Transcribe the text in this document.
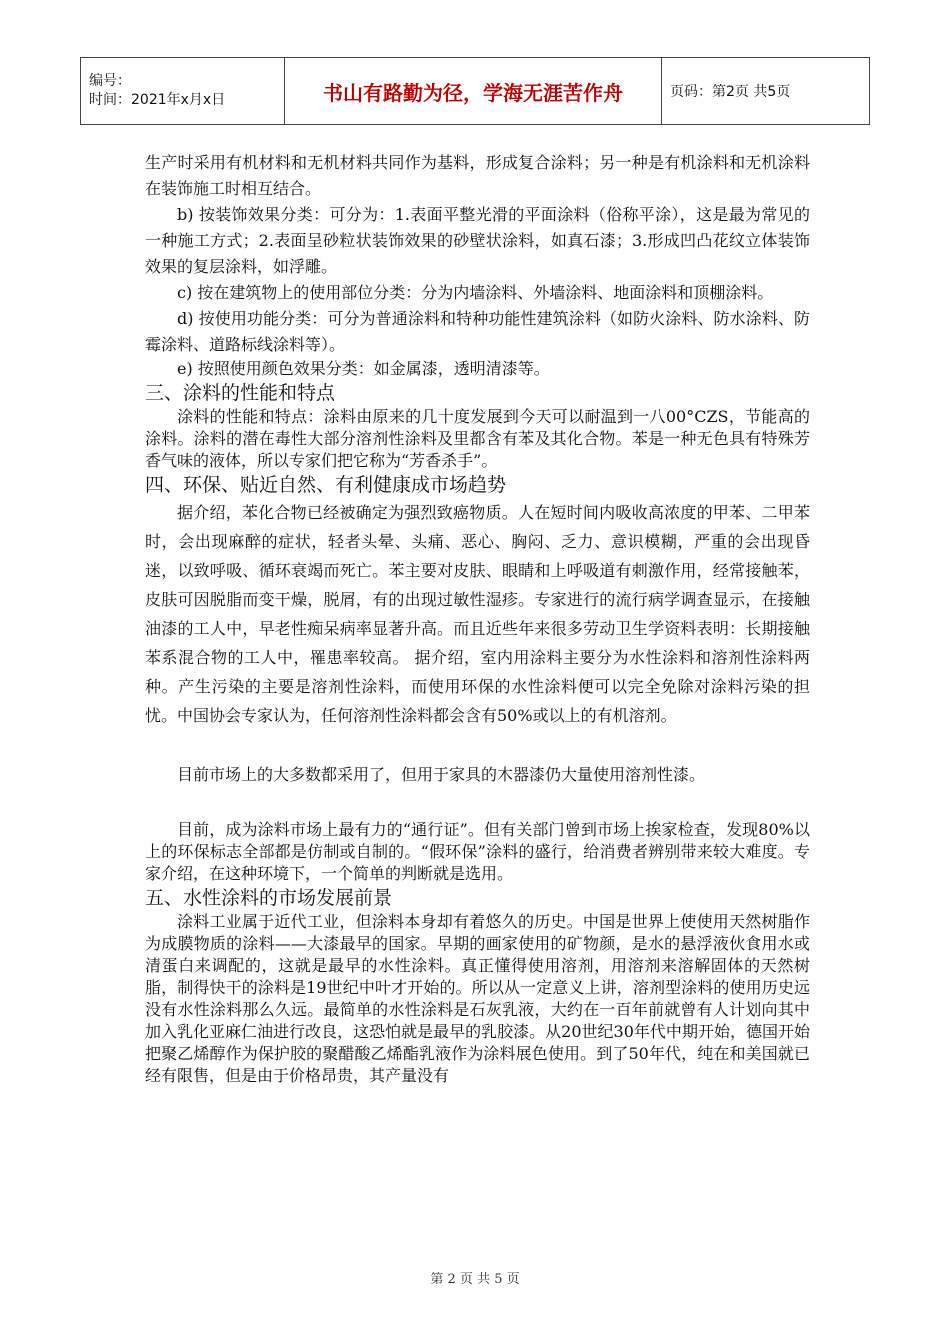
编号：
时间：2021年x月x日	书山有路勤为径，学海无涯苦作舟	页码：第2页 共5页

生产时采用有机材料和无机材料共同作为基料，形成复合涂料；另一种是有机涂料和无机涂料在装饰施工时相互结合。

b) 按装饰效果分类：可分为：1.表面平整光滑的平面涂料（俗称平涂），这是最为常见的一种施工方式；2.表面呈砂粒状装饰效果的砂壁状涂料，如真石漆；3.形成凹凸花纹立体装饰效果的复层涂料，如浮雕。

c) 按在建筑物上的使用部位分类：分为内墙涂料、外墙涂料、地面涂料和顶棚涂料。

d) 按使用功能分类：可分为普通涂料和特种功能性建筑涂料（如防火涂料、防水涂料、防霉涂料、道路标线涂料等）。

e) 按照使用颜色效果分类：如金属漆，透明清漆等。

三、涂料的性能和特点

涂料的性能和特点：涂料由原来的几十度发展到今天可以耐温到一八00°CZS，节能高的涂料。涂料的潜在毒性大部分溶剂性涂料及里都含有苯及其化合物。苯是一种无色具有特殊芳香气味的液体，所以专家们把它称为“芳香杀手”。

四、环保、贴近自然、有利健康成市场趋势

据介绍，苯化合物已经被确定为强烈致癌物质。人在短时间内吸收高浓度的甲苯、二甲苯时，会出现麻醉的症状，轻者头晕、头痛、恶心、胸闷、乏力、意识模糊，严重的会出现昏迷，以致呼吸、循环衰竭而死亡。苯主要对皮肤、眼睛和上呼吸道有刺激作用，经常接触苯，皮肤可因脱脂而变干燥，脱屑，有的出现过敏性湿疹。专家进行的流行病学调查显示，在接触油漆的工人中，早老性痴呆病率显著升高。而且近些年来很多劳动卫生学资料表明：长期接触苯系混合物的工人中，罹患率较高。 据介绍，室内用涂料主要分为水性涂料和溶剂性涂料两种。产生污染的主要是溶剂性涂料，而使用环保的水性涂料便可以完全免除对涂料污染的担忧。中国协会专家认为，任何溶剂性涂料都会含有50%或以上的有机溶剂。

目前市场上的大多数都采用了，但用于家具的木器漆仍大量使用溶剂性漆。

目前，成为涂料市场上最有力的“通行证”。但有关部门曾到市场上挨家检查，发现80%以上的环保标志全部都是仿制或自制的。“假环保”涂料的盛行，给消费者辨别带来较大难度。专家介绍，在这种环境下，一个简单的判断就是选用。

五、水性涂料的市场发展前景

涂料工业属于近代工业，但涂料本身却有着悠久的历史。中国是世界上使使用天然树脂作为成膜物质的涂料——大漆最早的国家。早期的画家使用的矿物颜，是水的悬浮液伙食用水或清蛋白来调配的，这就是最早的水性涂料。真正懂得使用溶剂，用溶剂来溶解固体的天然树脂，制得快干的涂料是19世纪中叶才开始的。所以从一定意义上讲，溶剂型涂料的使用历史远没有水性涂料那么久远。最简单的水性涂料是石灰乳液，大约在一百年前就曾有人计划向其中加入乳化亚麻仁油进行改良，这恐怕就是最早的乳胶漆。从20世纪30年代中期开始，德国开始把聚乙烯醇作为保护胶的聚醋酸乙烯酯乳液作为涂料展色使用。到了50年代，纯在和美国就已经有限售，但是由于价格昂贵，其产量没有

第 2 页 共 5 页
